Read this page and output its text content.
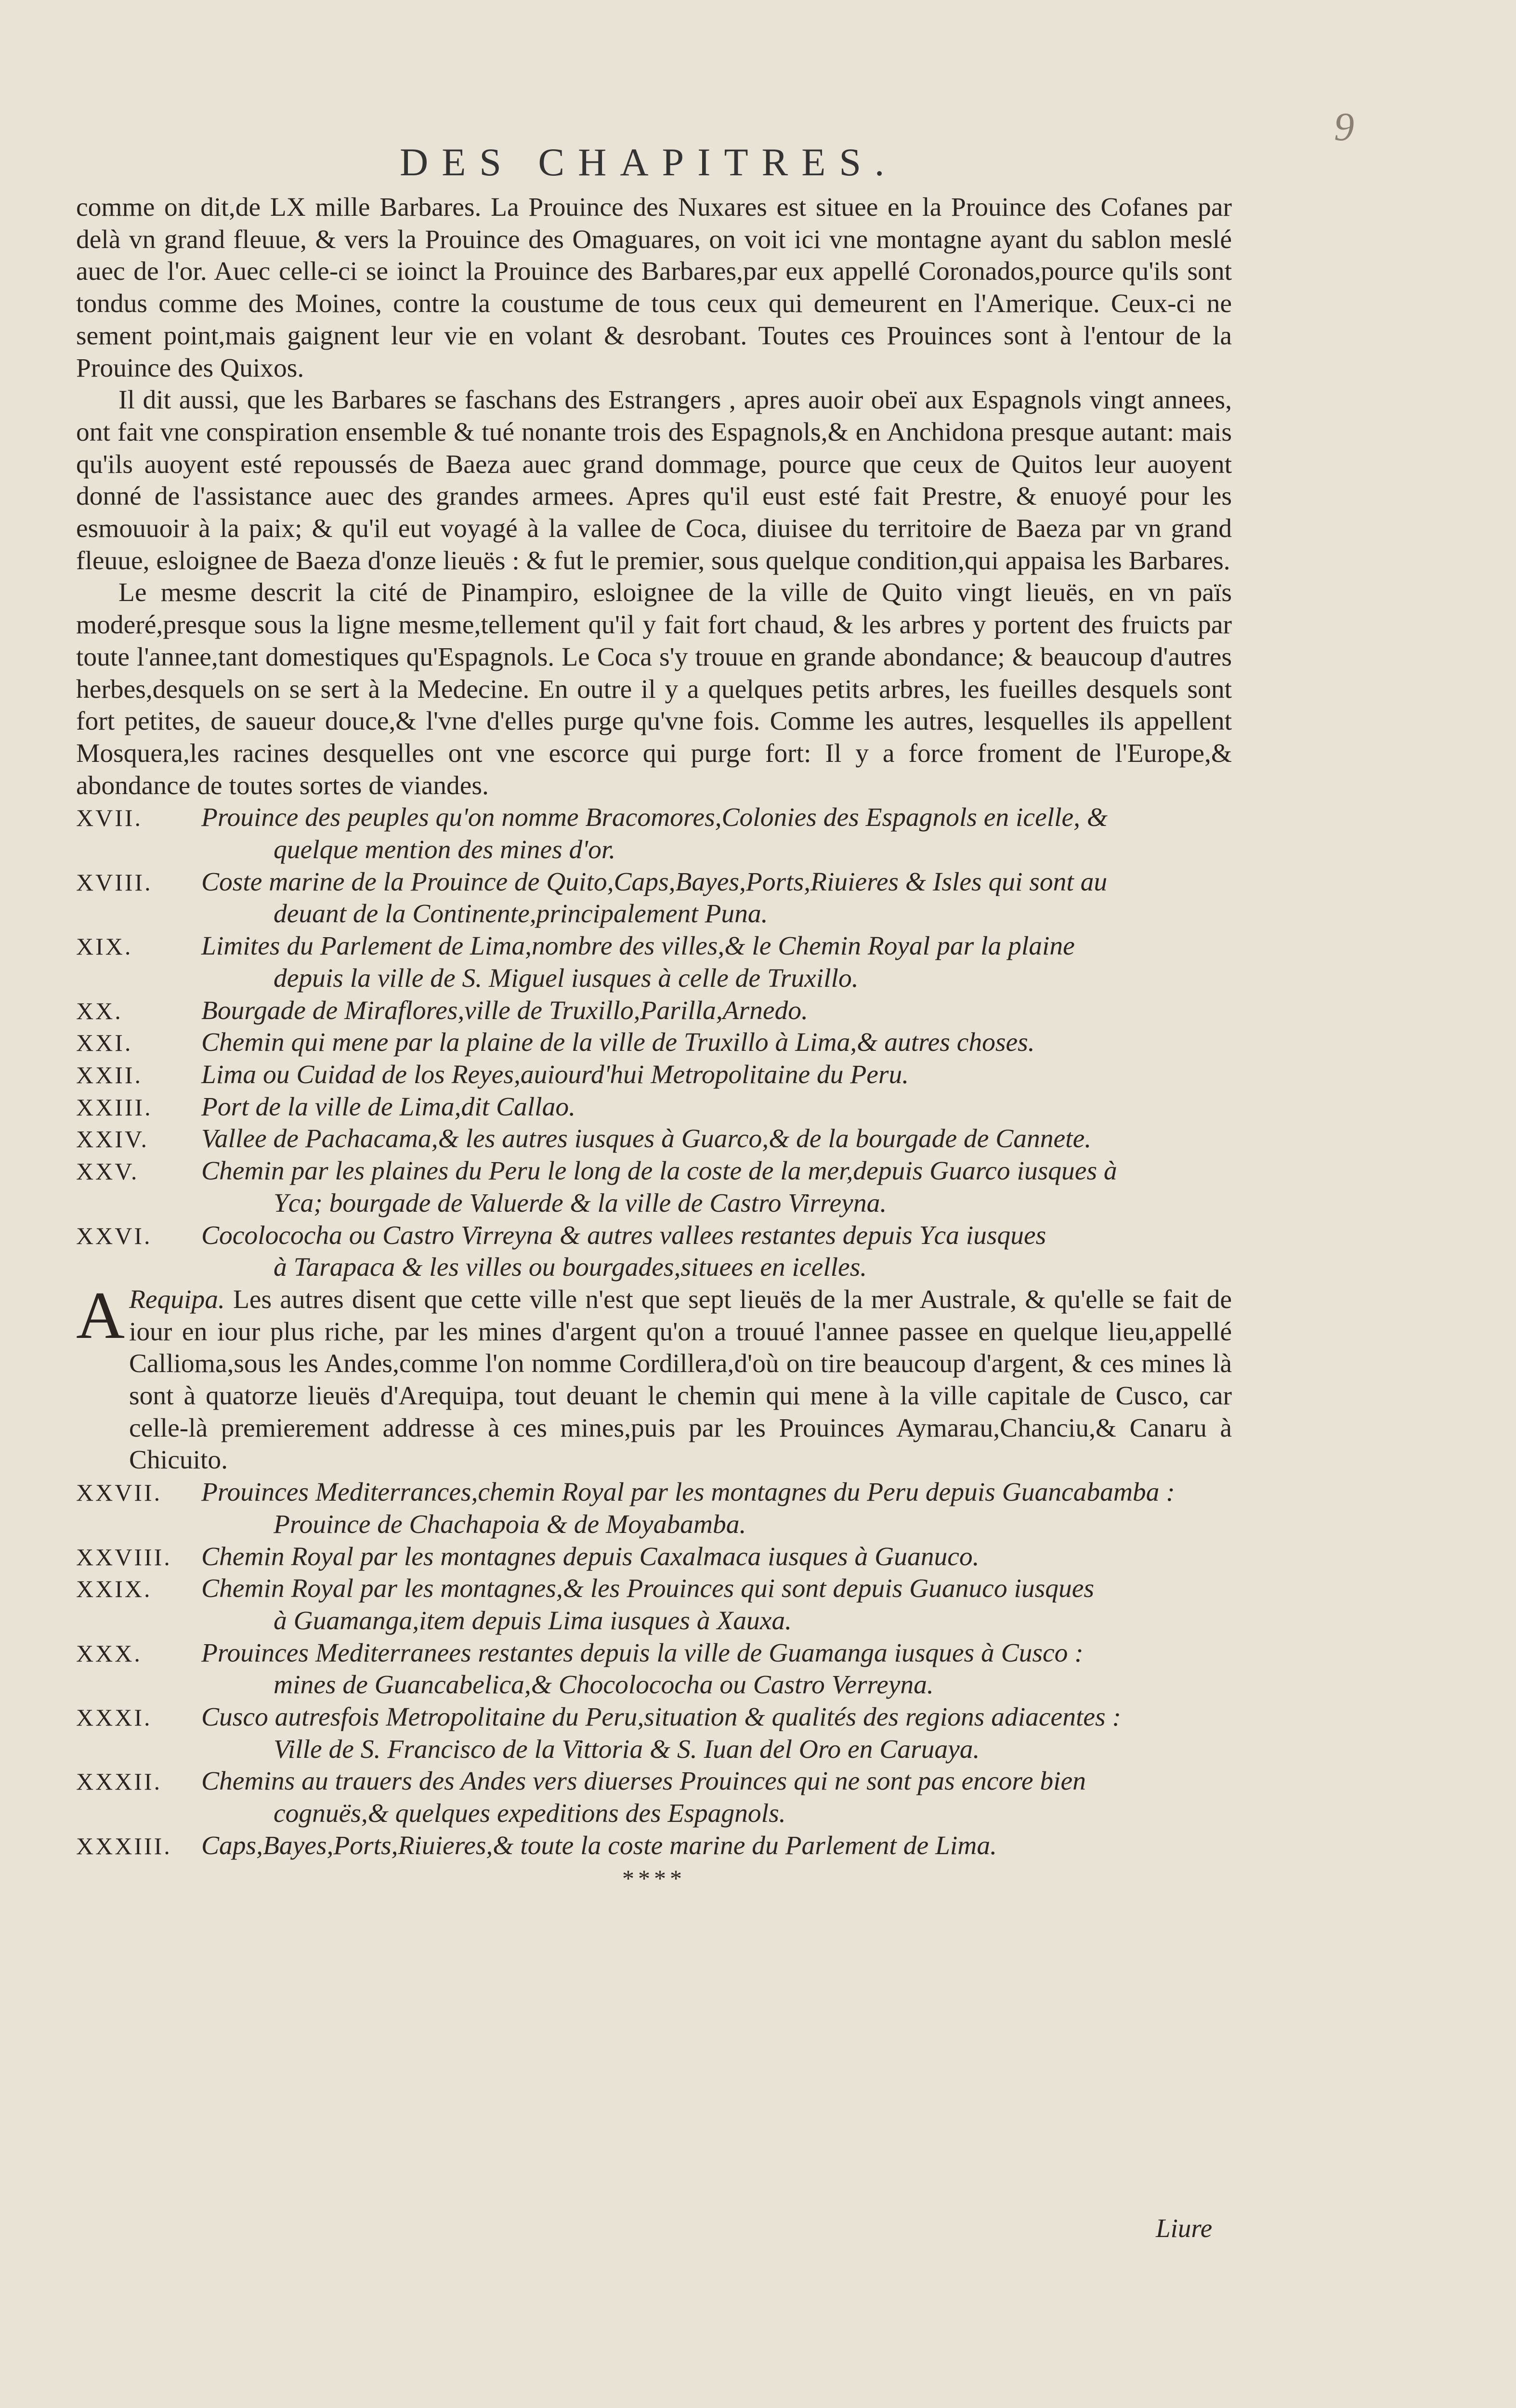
9
DES CHAPITRES.

comme on dit,de LX mille Barbares. La Prouince des Nuxares est situee en la Prouince des Cofanes par delà vn grand fleuue, & vers la Prouince des Omaguares, on voit ici vne montagne ayant du sablon meslé auec de l'or. Auec celle-ci se ioinct la Prouince des Barbares,par eux appellé Coronados,pource qu'ils sont tondus comme des Moines, contre la coustume de tous ceux qui demeurent en l'Amerique. Ceux-ci ne sement point,mais gaignent leur vie en volant & desrobant. Toutes ces Prouinces sont à l'entour de la Prouince des Quixos.

Il dit aussi, que les Barbares se faschans des Estrangers , apres auoir obeï aux Espagnols vingt annees, ont fait vne conspiration ensemble & tué nonante trois des Espagnols,& en Anchidona presque autant: mais qu'ils auoyent esté repoussés de Baeza auec grand dommage, pource que ceux de Quitos leur auoyent donné de l'assistance auec des grandes armees. Apres qu'il eust esté fait Prestre, & enuoyé pour les esmouuoir à la paix; & qu'il eut voyagé à la vallee de Coca, diuisee du territoire de Baeza par vn grand fleuue, esloignee de Baeza d'onze lieuës : & fut le premier, sous quelque condition,qui appaisa les Barbares.

Le mesme descrit la cité de Pinampiro, esloignee de la ville de Quito vingt lieuës, en vn païs moderé,presque sous la ligne mesme,tellement qu'il y fait fort chaud, & les arbres y portent des fruicts par toute l'annee,tant domestiques qu'Espagnols. Le Coca s'y trouue en grande abondance; & beaucoup d'autres herbes,desquels on se sert à la Medecine. En outre il y a quelques petits arbres, les fueilles desquels sont fort petites, de saueur douce,& l'vne d'elles purge qu'vne fois. Comme les autres, lesquelles ils appellent Mosquera,les racines desquelles ont vne escorce qui purge fort: Il y a force froment de l'Europe,& abondance de toutes sortes de viandes.

XVII.	Prouince des peuples qu'on nomme Bracomores,Colonies des Espagnols en icelle, &
quelque mention des mines d'or.
XVIII.	Coste marine de la Prouince de Quito,Caps,Bayes,Ports,Riuieres & Isles qui sont au
deuant de la Continente,principalement Puna.
XIX.	Limites du Parlement de Lima,nombre des villes,& le Chemin Royal par la plaine
depuis la ville de S. Miguel iusques à celle de Truxillo.
XX.	Bourgade de Miraflores,ville de Truxillo,Parilla,Arnedo.
XXI.	Chemin qui mene par la plaine de la ville de Truxillo à Lima,& autres choses.
XXII.	Lima ou Cuidad de los Reyes,auiourd'hui Metropolitaine du Peru.
XXIII.	Port de la ville de Lima,dit Callao.
XXIV.	Vallee de Pachacama,& les autres iusques à Guarco,& de la bourgade de Cannete.
XXV.	Chemin par les plaines du Peru le long de la coste de la mer,depuis Guarco iusques à
Yca; bourgade de Valuerde & la ville de Castro Virreyna.
XXVI.	Cocolococha ou Castro Virreyna & autres vallees restantes depuis Yca iusques
à Tarapaca & les villes ou bourgades,situees en icelles.
A Requipa. Les autres disent que cette ville n'est que sept lieuës de la mer Australe, & qu'elle se fait de iour en iour plus riche, par les mines d'argent qu'on a trouué l'annee passee en quelque lieu,appellé Callioma,sous les Andes,comme l'on nomme Cordillera,d'où on tire beaucoup d'argent, & ces mines là sont à quatorze lieuës d'Arequipa, tout deuant le chemin qui mene à la ville capitale de Cusco, car celle-là premierement addresse à ces mines,puis par les Prouinces Aymarau,Chanciu,& Canaru à Chicuito.
XXVII.	Prouinces Mediterrances,chemin Royal par les montagnes du Peru depuis Guancabamba :
Prouince de Chachapoia & de Moyabamba.
XXVIII.	Chemin Royal par les montagnes depuis Caxalmaca iusques à Guanuco.
XXIX.	Chemin Royal par les montagnes,& les Prouinces qui sont depuis Guanuco iusques
à Guamanga,item depuis Lima iusques à Xauxa.
XXX.	Prouinces Mediterranees restantes depuis la ville de Guamanga iusques à Cusco :
mines de Guancabelica,& Chocolococha ou Castro Verreyna.
XXXI.	Cusco autresfois Metropolitaine du Peru,situation & qualités des regions adiacentes :
Ville de S. Francisco de la Vittoria & S. Iuan del Oro en Caruaya.
XXXII.	Chemins au trauers des Andes vers diuerses Prouinces qui ne sont pas encore bien
cognuës,& quelques expeditions des Espagnols.
XXXIII.	Caps,Bayes,Ports,Riuieres,& toute la coste marine du Parlement de Lima.
****
Liure
